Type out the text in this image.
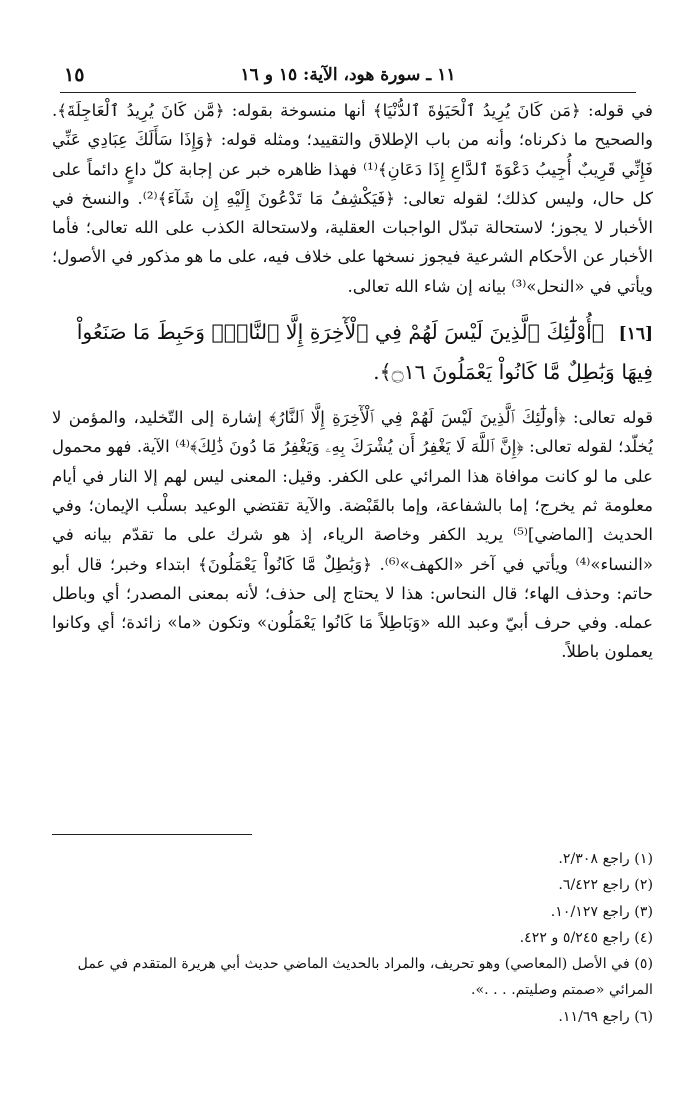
١١ ـ سورة هود، الآية: ١٥ و ١٦
١٥

في قوله: ﴿مَن كَانَ يُرِيدُ ٱلْحَيَوٰةَ ٱلدُّنْيَا﴾ أنها منسوخة بقوله: ﴿مَّن كَانَ يُرِيدُ ٱلْعَاجِلَةَ﴾. والصحيح ما ذكرناه؛ وأنه من باب الإطلاق والتقييد؛ ومثله قوله: ﴿وَإِذَا سَأَلَكَ عِبَادِي عَنِّي فَإِنِّي قَرِيبٌ أُجِيبُ دَعْوَةَ ٱلدَّاعِ إِذَا دَعَانِ﴾⁽¹⁾ فهذا ظاهره خبر عن إجابة كلّ داعٍ دائماً على كل حال، وليس كذلك؛ لقوله تعالى: ﴿فَيَكْشِفُ مَا تَدْعُونَ إِلَيْهِ إِن شَآءَ﴾⁽²⁾. والنسخ في الأخبار لا يجوز؛ لاستحالة تبدّل الواجبات العقلية، ولاستحالة الكذب على الله تعالى؛ فأما الأخبار عن الأحكام الشرعية فيجوز نسخها على خلاف فيه، على ما هو مذكور في الأصول؛ ويأتي في «النحل»⁽³⁾ بيانه إن شاء الله تعالى.

[١٦] ﴿أُوْلَٰٓئِكَ ٱلَّذِينَ لَيْسَ لَهُمْ فِي ٱلْأٓخِرَةِ إِلَّا ٱلنَّارُۖ وَحَبِطَ مَا صَنَعُواْ فِيهَا وَبَٰطِلٌ مَّا كَانُواْ يَعْمَلُونَ ۝١٦﴾.

قوله تعالى: ﴿أولَٰٓئِكَ ٱلَّذِينَ لَيْسَ لَهُمْ فِي ٱلْأٓخِرَةِ إِلَّا ٱلنَّارُ﴾ إشارة إلى التّخليد، والمؤمن لا يُخلّد؛ لقوله تعالى: ﴿إِنَّ ٱللَّهَ لَا يَغْفِرُ أَن يُشْرَكَ بِهِۦ وَيَغْفِرُ مَا دُونَ ذَٰلِكَ﴾⁽⁴⁾ الآية. فهو محمول على ما لو كانت موافاة هذا المرائي على الكفر. وقيل: المعنى ليس لهم إلا النار في أيام معلومة ثم يخرج؛ إما بالشفاعة، وإما بالقَبْضة. والآية تقتضي الوعيد بسلْب الإيمان؛ وفي الحديث [الماضي]⁽⁵⁾ يريد الكفر وخاصة الرياء، إذ هو شرك على ما تقدّم بيانه في «النساء»⁽⁴⁾ ويأتي في آخر «الكهف»⁽⁶⁾. ﴿وَبَٰطِلٌ مَّا كَانُواْ يَعْمَلُونَ﴾ ابتداء وخبر؛ قال أبو حاتم: وحذف الهاء؛ قال النحاس: هذا لا يحتاج إلى حذف؛ لأنه بمعنى المصدر؛ أي وباطل عمله. وفي حرف أبيّ وعبد الله «وَبَاطِلاً مَا كَانُوا يَعْمَلُون» وتكون «ما» زائدة؛ أي وكانوا يعملون باطلاً.

(١) راجع ٢/٣٠٨.
(٢) راجع ٦/٤٢٢.
(٣) راجع ١٠/١٢٧.
(٤) راجع ٥/٢٤٥ و ٤٢٢.
(٥) في الأصل (المعاصي) وهو تحريف، والمراد بالحديث الماضي حديث أبي هريرة المتقدم في عمل المرائي «صمتم وصليتم. . . .».
(٦) راجع ١١/٦٩.
